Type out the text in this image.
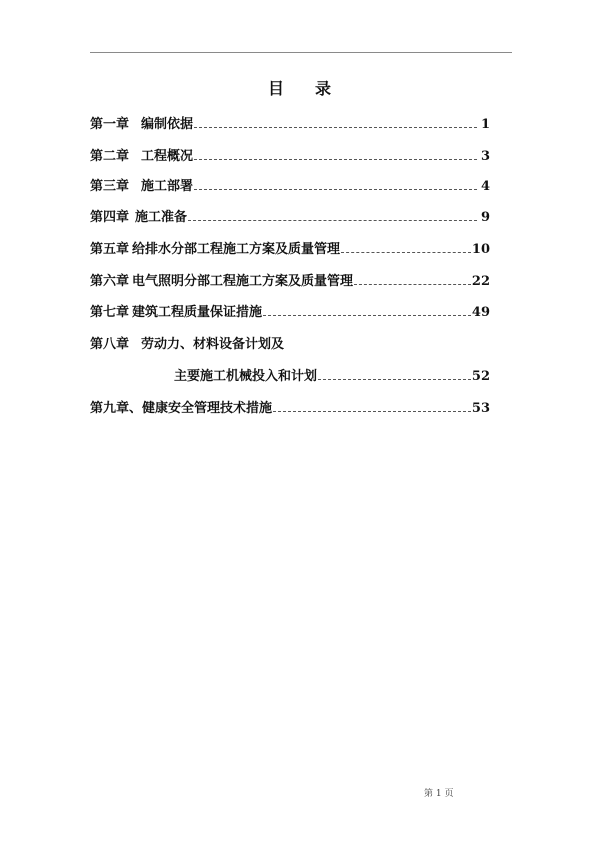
目 录
第一章 编制依据	1
第二章 工程概况	3
第三章 施工部署	4
第四章 施工准备	9
第五章 给排水分部工程施工方案及质量管理	10
第六章 电气照明分部工程施工方案及质量管理	22
第七章 建筑工程质量保证措施	49
第八章 劳动力、材料设备计划及
主要施工机械投入和计划	52
第九章、健康安全管理技术措施	53
第 1 页
